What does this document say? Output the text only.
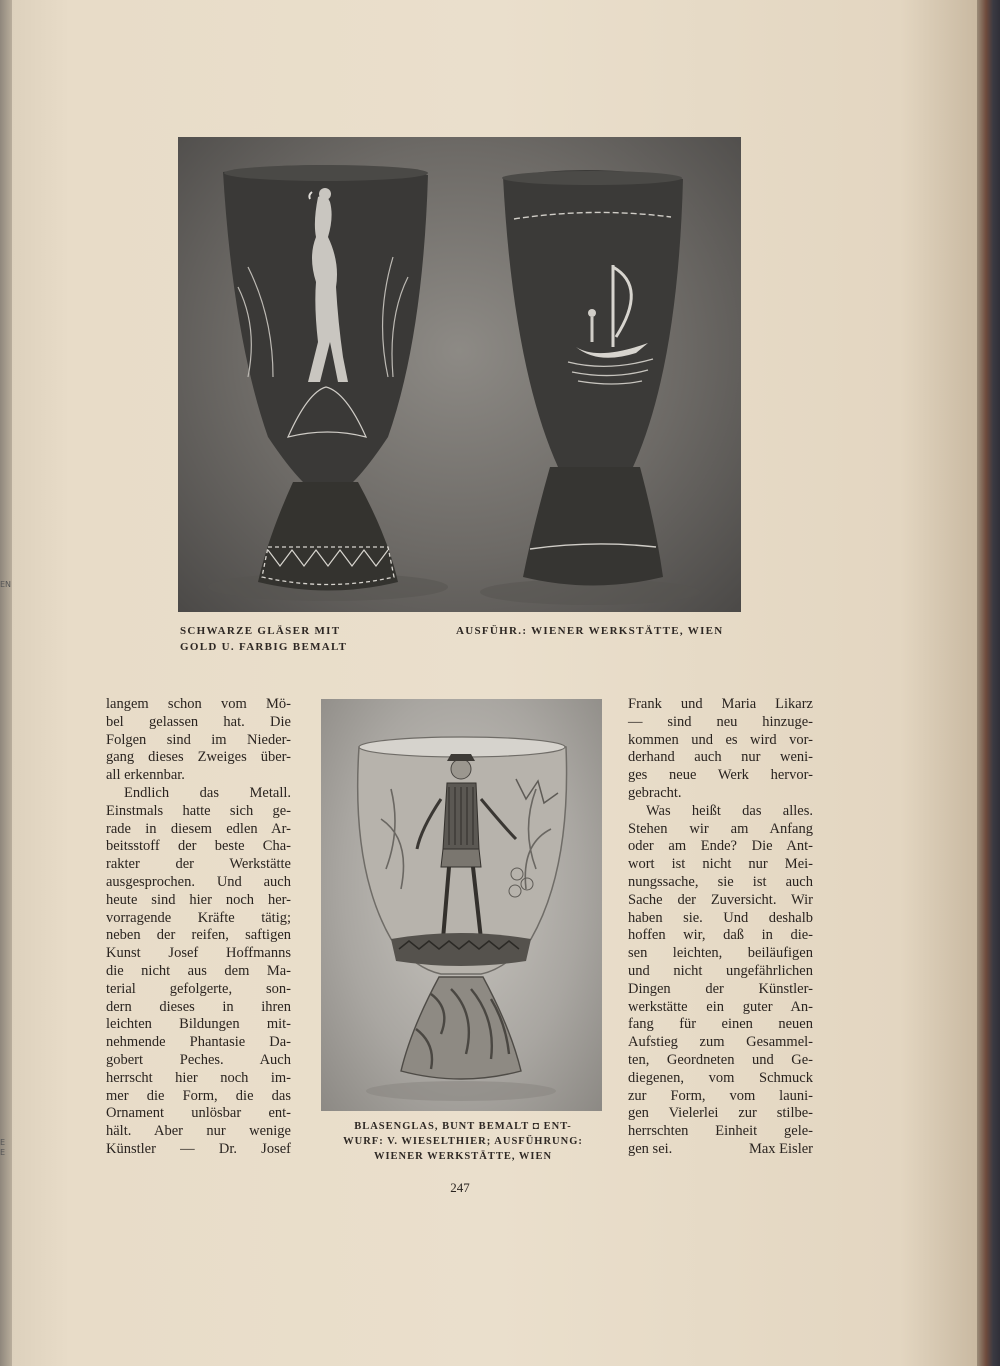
EN
E
E
SCHWARZE GLÄSER MIT
GOLD U. FARBIG BEMALT
AUSFÜHR.: WIENER WERKSTÄTTE, WIEN
langem schon vom Mö-
bel gelassen hat. Die
Folgen sind im Nieder-
gang dieses Zweiges über-
all erkennbar.
Endlich das Metall.
Einstmals hatte sich ge-
rade in diesem edlen Ar-
beitsstoff der beste Cha-
rakter der Werkstätte
ausgesprochen. Und auch
heute sind hier noch her-
vorragende Kräfte tätig;
neben der reifen, saftigen
Kunst Josef Hoffmanns
die nicht aus dem Ma-
terial gefolgerte, son-
dern dieses in ihren
leichten Bildungen mit-
nehmende Phantasie Da-
gobert Peches. Auch
herrscht hier noch im-
mer die Form, die das
Ornament unlösbar ent-
hält. Aber nur wenige
Künstler — Dr. Josef
BLASENGLAS, BUNT BEMALT ◘ ENT-
WURF: V. WIESELTHIER; AUSFÜHRUNG:
WIENER WERKSTÄTTE, WIEN
Frank und Maria Likarz
— sind neu hinzuge-
kommen und es wird vor-
derhand auch nur weni-
ges neue Werk hervor-
gebracht.
Was heißt das alles.
Stehen wir am Anfang
oder am Ende? Die Ant-
wort ist nicht nur Mei-
nungssache, sie ist auch
Sache der Zuversicht. Wir
haben sie. Und deshalb
hoffen wir, daß in die-
sen leichten, beiläufigen
und nicht ungefährlichen
Dingen der Künstler-
werkstätte ein guter An-
fang für einen neuen
Aufstieg zum Gesammel-
ten, Geordneten und Ge-
diegenen, vom Schmuck
zur Form, vom launi-
gen Vielerlei zur stilbe-
herrschten Einheit gele-
gen sei.	Max Eisler
247
